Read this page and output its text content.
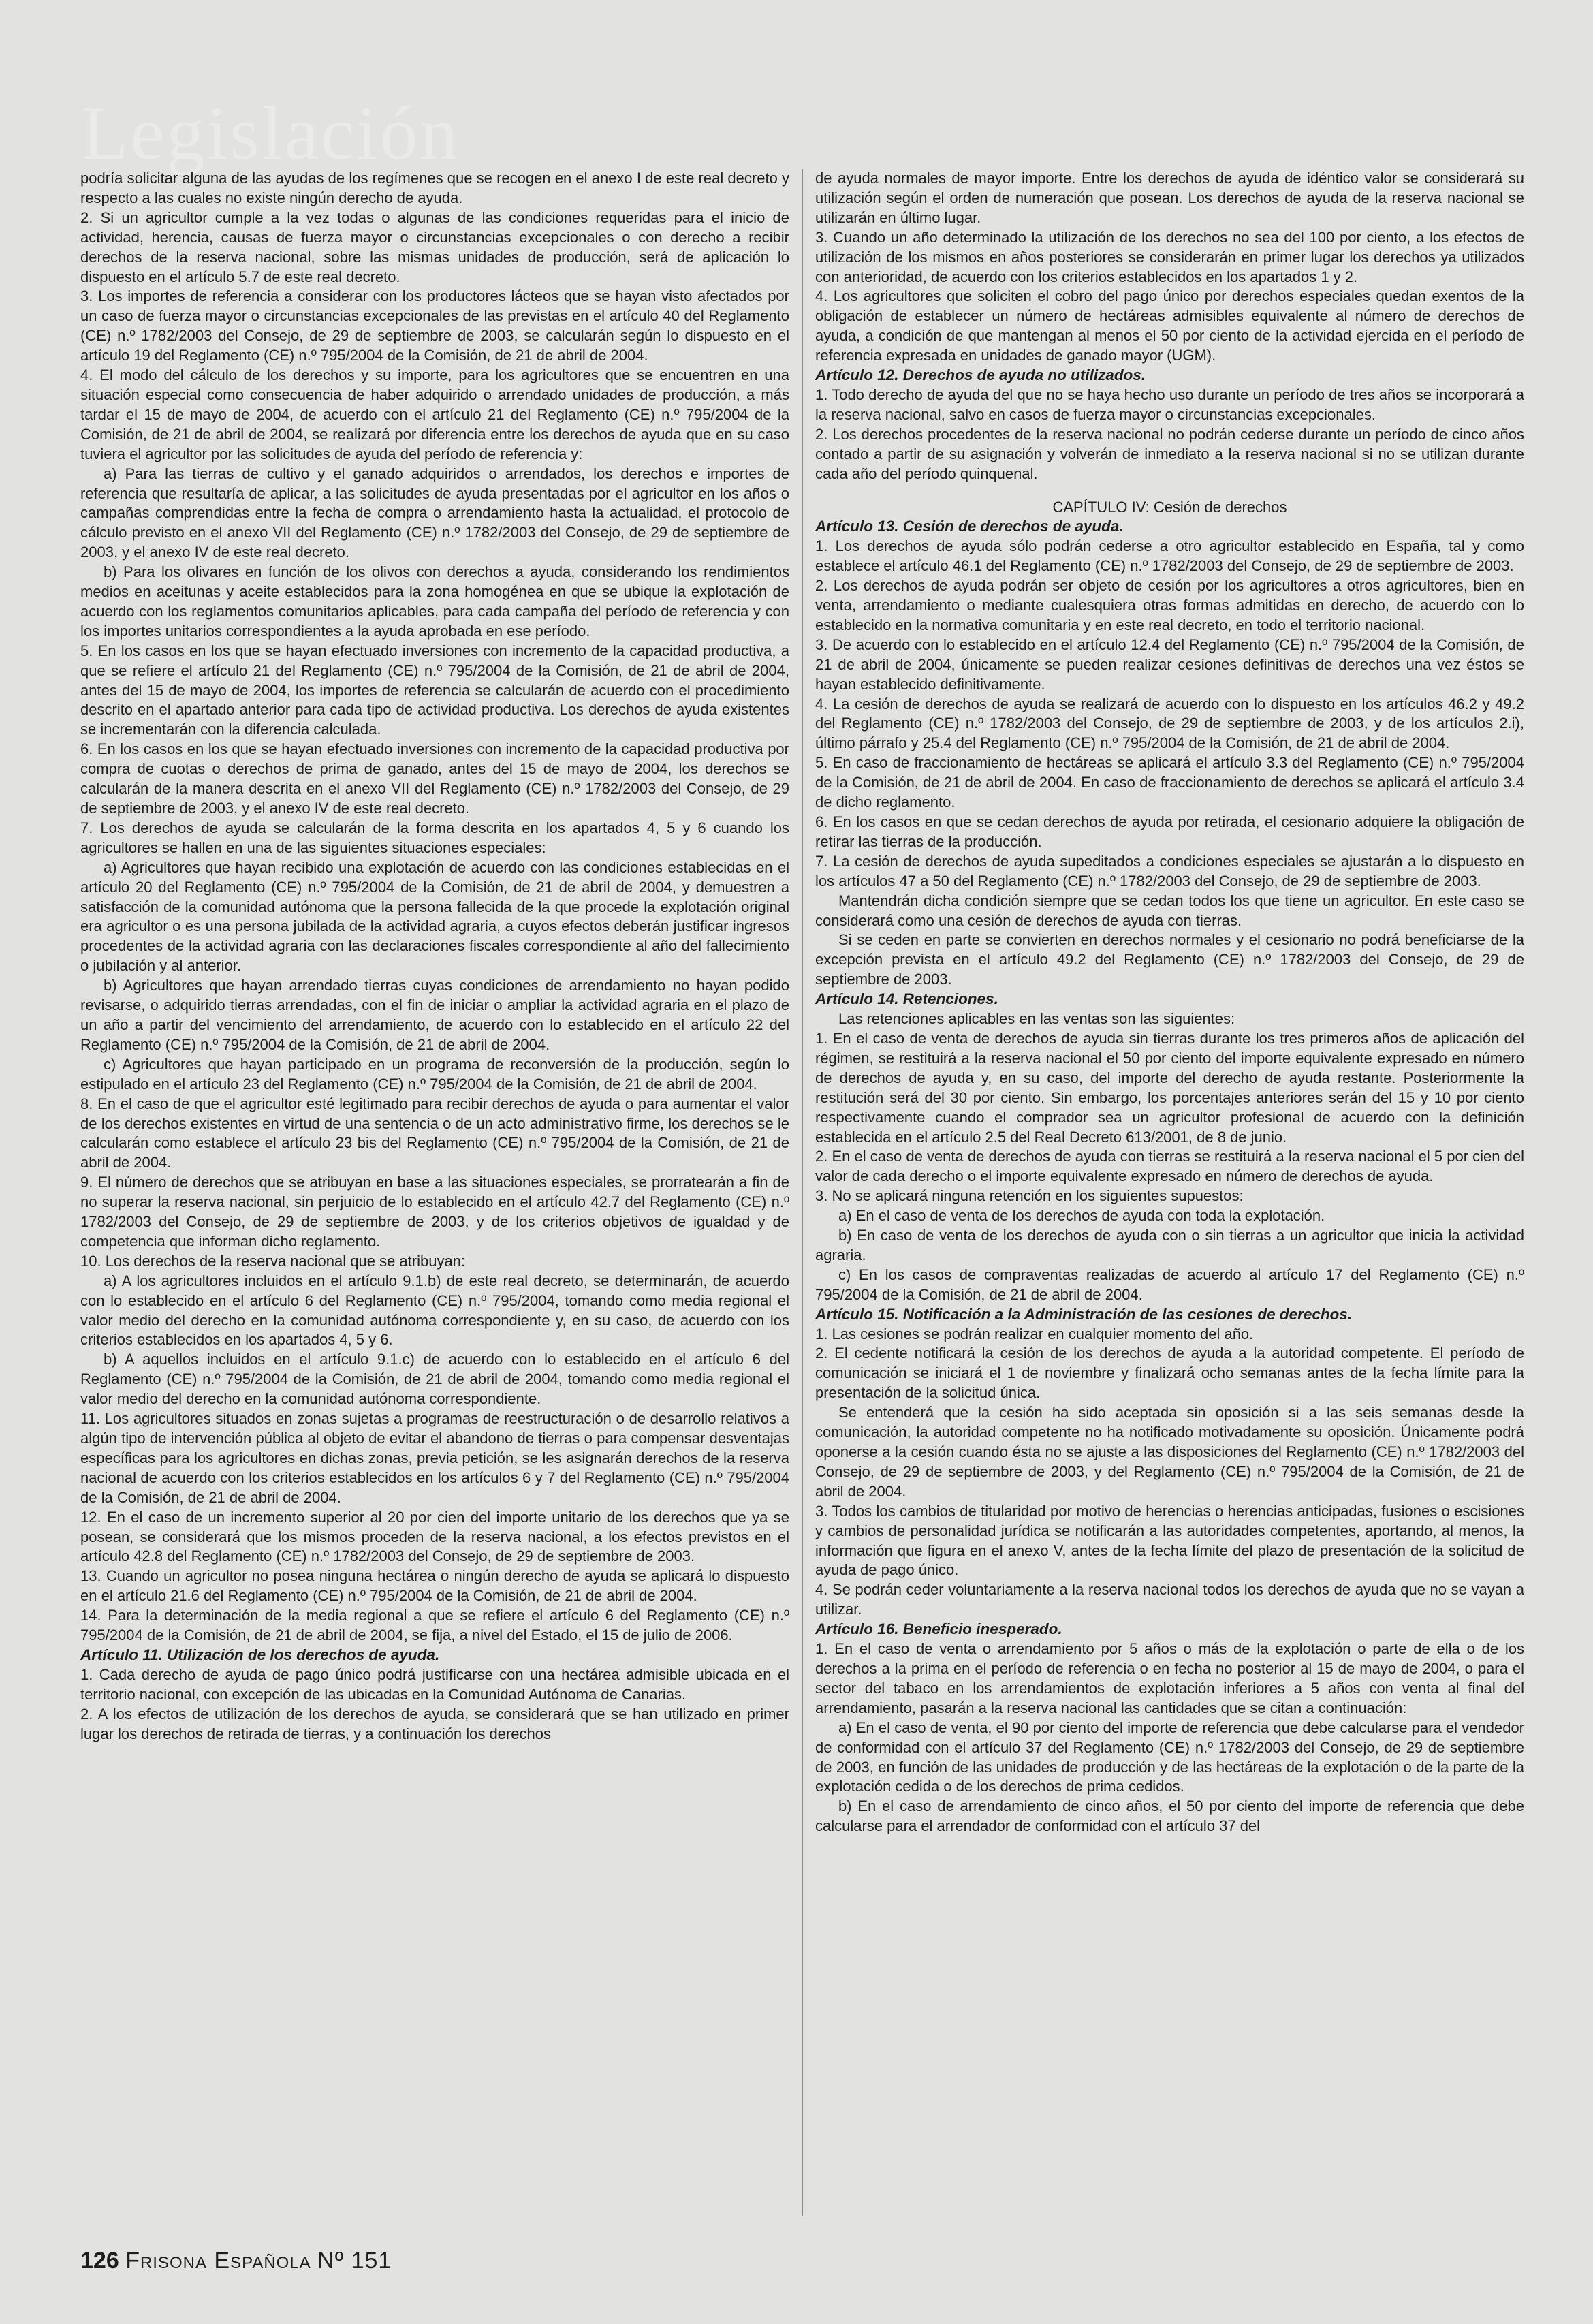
Legislación

podría solicitar alguna de las ayudas de los regímenes que se recogen en el anexo I de este real decreto y respecto a las cuales no existe ningún derecho de ayuda.

2. Si un agricultor cumple a la vez todas o algunas de las condiciones requeridas para el inicio de actividad, herencia, causas de fuerza mayor o circunstancias excepcionales o con derecho a recibir derechos de la reserva nacional, sobre las mismas unidades de producción, será de aplicación lo dispuesto en el artículo 5.7 de este real decreto.

3. Los importes de referencia a considerar con los productores lácteos que se hayan visto afectados por un caso de fuerza mayor o circunstancias excepcionales de las previstas en el artículo 40 del Reglamento (CE) n.º 1782/2003 del Consejo, de 29 de septiembre de 2003, se calcularán según lo dispuesto en el artículo 19 del Reglamento (CE) n.º 795/2004 de la Comisión, de 21 de abril de 2004.

4. El modo del cálculo de los derechos y su importe, para los agricultores que se encuentren en una situación especial como consecuencia de haber adquirido o arrendado unidades de producción, a más tardar el 15 de mayo de 2004, de acuerdo con el artículo 21 del Reglamento (CE) n.º 795/2004 de la Comisión, de 21 de abril de 2004, se realizará por diferencia entre los derechos de ayuda que en su caso tuviera el agricultor por las solicitudes de ayuda del período de referencia y:

a) Para las tierras de cultivo y el ganado adquiridos o arrendados, los derechos e importes de referencia que resultaría de aplicar, a las solicitudes de ayuda presentadas por el agricultor en los años o campañas comprendidas entre la fecha de compra o arrendamiento hasta la actualidad, el protocolo de cálculo previsto en el anexo VII del Reglamento (CE) n.º 1782/2003 del Consejo, de 29 de septiembre de 2003, y el anexo IV de este real decreto.

b) Para los olivares en función de los olivos con derechos a ayuda, considerando los rendimientos medios en aceitunas y aceite establecidos para la zona homogénea en que se ubique la explotación de acuerdo con los reglamentos comunitarios aplicables, para cada campaña del período de referencia y con los importes unitarios correspondientes a la ayuda aprobada en ese período.

5. En los casos en los que se hayan efectuado inversiones con incremento de la capacidad productiva, a que se refiere el artículo 21 del Reglamento (CE) n.º 795/2004 de la Comisión, de 21 de abril de 2004, antes del 15 de mayo de 2004, los importes de referencia se calcularán de acuerdo con el procedimiento descrito en el apartado anterior para cada tipo de actividad productiva. Los derechos de ayuda existentes se incrementarán con la diferencia calculada.

6. En los casos en los que se hayan efectuado inversiones con incremento de la capacidad productiva por compra de cuotas o derechos de prima de ganado, antes del 15 de mayo de 2004, los derechos se calcularán de la manera descrita en el anexo VII del Reglamento (CE) n.º 1782/2003 del Consejo, de 29 de septiembre de 2003, y el anexo IV de este real decreto.

7. Los derechos de ayuda se calcularán de la forma descrita en los apartados 4, 5 y 6 cuando los agricultores se hallen en una de las siguientes situaciones especiales:

a) Agricultores que hayan recibido una explotación de acuerdo con las condiciones establecidas en el artículo 20 del Reglamento (CE) n.º 795/2004 de la Comisión, de 21 de abril de 2004, y demuestren a satisfacción de la comunidad autónoma que la persona fallecida de la que procede la explotación original era agricultor o es una persona jubilada de la actividad agraria, a cuyos efectos deberán justificar ingresos procedentes de la actividad agraria con las declaraciones fiscales correspondiente al año del fallecimiento o jubilación y al anterior.

b) Agricultores que hayan arrendado tierras cuyas condiciones de arrendamiento no hayan podido revisarse, o adquirido tierras arrendadas, con el fin de iniciar o ampliar la actividad agraria en el plazo de un año a partir del vencimiento del arrendamiento, de acuerdo con lo establecido en el artículo 22 del Reglamento (CE) n.º 795/2004 de la Comisión, de 21 de abril de 2004.

c) Agricultores que hayan participado en un programa de reconversión de la producción, según lo estipulado en el artículo 23 del Reglamento (CE) n.º 795/2004 de la Comisión, de 21 de abril de 2004.

8. En el caso de que el agricultor esté legitimado para recibir derechos de ayuda o para aumentar el valor de los derechos existentes en virtud de una sentencia o de un acto administrativo firme, los derechos se le calcularán como establece el artículo 23 bis del Reglamento (CE) n.º 795/2004 de la Comisión, de 21 de abril de 2004.

9. El número de derechos que se atribuyan en base a las situaciones especiales, se prorratearán a fin de no superar la reserva nacional, sin perjuicio de lo establecido en el artículo 42.7 del Reglamento (CE) n.º 1782/2003 del Consejo, de 29 de septiembre de 2003, y de los criterios objetivos de igualdad y de competencia que informan dicho reglamento.

10. Los derechos de la reserva nacional que se atribuyan:

a) A los agricultores incluidos en el artículo 9.1.b) de este real decreto, se determinarán, de acuerdo con lo establecido en el artículo 6 del Reglamento (CE) n.º 795/2004, tomando como media regional el valor medio del derecho en la comunidad autónoma correspondiente y, en su caso, de acuerdo con los criterios establecidos en los apartados 4, 5 y 6.

b) A aquellos incluidos en el artículo 9.1.c) de acuerdo con lo establecido en el artículo 6 del Reglamento (CE) n.º 795/2004 de la Comisión, de 21 de abril de 2004, tomando como media regional el valor medio del derecho en la comunidad autónoma correspondiente.

11. Los agricultores situados en zonas sujetas a programas de reestructuración o de desarrollo relativos a algún tipo de intervención pública al objeto de evitar el abandono de tierras o para compensar desventajas específicas para los agricultores en dichas zonas, previa petición, se les asignarán derechos de la reserva nacional de acuerdo con los criterios establecidos en los artículos 6 y 7 del Reglamento (CE) n.º 795/2004 de la Comisión, de 21 de abril de 2004.

12. En el caso de un incremento superior al 20 por cien del importe unitario de los derechos que ya se posean, se considerará que los mismos proceden de la reserva nacional, a los efectos previstos en el artículo 42.8 del Reglamento (CE) n.º 1782/2003 del Consejo, de 29 de septiembre de 2003.

13. Cuando un agricultor no posea ninguna hectárea o ningún derecho de ayuda se aplicará lo dispuesto en el artículo 21.6 del Reglamento (CE) n.º 795/2004 de la Comisión, de 21 de abril de 2004.

14. Para la determinación de la media regional a que se refiere el artículo 6 del Reglamento (CE) n.º 795/2004 de la Comisión, de 21 de abril de 2004, se fija, a nivel del Estado, el 15 de julio de 2006.

Artículo 11. Utilización de los derechos de ayuda.

1. Cada derecho de ayuda de pago único podrá justificarse con una hectárea admisible ubicada en el territorio nacional, con excepción de las ubicadas en la Comunidad Autónoma de Canarias.

2. A los efectos de utilización de los derechos de ayuda, se considerará que se han utilizado en primer lugar los derechos de retirada de tierras, y a continuación los derechos

de ayuda normales de mayor importe. Entre los derechos de ayuda de idéntico valor se considerará su utilización según el orden de numeración que posean. Los derechos de ayuda de la reserva nacional se utilizarán en último lugar.

3. Cuando un año determinado la utilización de los derechos no sea del 100 por ciento, a los efectos de utilización de los mismos en años posteriores se considerarán en primer lugar los derechos ya utilizados con anterioridad, de acuerdo con los criterios establecidos en los apartados 1 y 2.

4. Los agricultores que soliciten el cobro del pago único por derechos especiales quedan exentos de la obligación de establecer un número de hectáreas admisibles equivalente al número de derechos de ayuda, a condición de que mantengan al menos el 50 por ciento de la actividad ejercida en el período de referencia expresada en unidades de ganado mayor (UGM).

Artículo 12. Derechos de ayuda no utilizados.

1. Todo derecho de ayuda del que no se haya hecho uso durante un período de tres años se incorporará a la reserva nacional, salvo en casos de fuerza mayor o circunstancias excepcionales.

2. Los derechos procedentes de la reserva nacional no podrán cederse durante un período de cinco años contado a partir de su asignación y volverán de inmediato a la reserva nacional si no se utilizan durante cada año del período quinquenal.

CAPÍTULO IV: Cesión de derechos

Artículo 13. Cesión de derechos de ayuda.

1. Los derechos de ayuda sólo podrán cederse a otro agricultor establecido en España, tal y como establece el artículo 46.1 del Reglamento (CE) n.º 1782/2003 del Consejo, de 29 de septiembre de 2003.

2. Los derechos de ayuda podrán ser objeto de cesión por los agricultores a otros agricultores, bien en venta, arrendamiento o mediante cualesquiera otras formas admitidas en derecho, de acuerdo con lo establecido en la normativa comunitaria y en este real decreto, en todo el territorio nacional.

3. De acuerdo con lo establecido en el artículo 12.4 del Reglamento (CE) n.º 795/2004 de la Comisión, de 21 de abril de 2004, únicamente se pueden realizar cesiones definitivas de derechos una vez éstos se hayan establecido definitivamente.

4. La cesión de derechos de ayuda se realizará de acuerdo con lo dispuesto en los artículos 46.2 y 49.2 del Reglamento (CE) n.º 1782/2003 del Consejo, de 29 de septiembre de 2003, y de los artículos 2.i), último párrafo y 25.4 del Reglamento (CE) n.º 795/2004 de la Comisión, de 21 de abril de 2004.

5. En caso de fraccionamiento de hectáreas se aplicará el artículo 3.3 del Reglamento (CE) n.º 795/2004 de la Comisión, de 21 de abril de 2004. En caso de fraccionamiento de derechos se aplicará el artículo 3.4 de dicho reglamento.

6. En los casos en que se cedan derechos de ayuda por retirada, el cesionario adquiere la obligación de retirar las tierras de la producción.

7. La cesión de derechos de ayuda supeditados a condiciones especiales se ajustarán a lo dispuesto en los artículos 47 a 50 del Reglamento (CE) n.º 1782/2003 del Consejo, de 29 de septiembre de 2003.

Mantendrán dicha condición siempre que se cedan todos los que tiene un agricultor. En este caso se considerará como una cesión de derechos de ayuda con tierras.

Si se ceden en parte se convierten en derechos normales y el cesionario no podrá beneficiarse de la excepción prevista en el artículo 49.2 del Reglamento (CE) n.º 1782/2003 del Consejo, de 29 de septiembre de 2003.

Artículo 14. Retenciones.

Las retenciones aplicables en las ventas son las siguientes:

1. En el caso de venta de derechos de ayuda sin tierras durante los tres primeros años de aplicación del régimen, se restituirá a la reserva nacional el 50 por ciento del importe equivalente expresado en número de derechos de ayuda y, en su caso, del importe del derecho de ayuda restante. Posteriormente la restitución será del 30 por ciento. Sin embargo, los porcentajes anteriores serán del 15 y 10 por ciento respectivamente cuando el comprador sea un agricultor profesional de acuerdo con la definición establecida en el artículo 2.5 del Real Decreto 613/2001, de 8 de junio.

2. En el caso de venta de derechos de ayuda con tierras se restituirá a la reserva nacional el 5 por cien del valor de cada derecho o el importe equivalente expresado en número de derechos de ayuda.

3. No se aplicará ninguna retención en los siguientes supuestos:

a) En el caso de venta de los derechos de ayuda con toda la explotación.

b) En caso de venta de los derechos de ayuda con o sin tierras a un agricultor que inicia la actividad agraria.

c) En los casos de compraventas realizadas de acuerdo al artículo 17 del Reglamento (CE) n.º 795/2004 de la Comisión, de 21 de abril de 2004.

Artículo 15. Notificación a la Administración de las cesiones de derechos.

1. Las cesiones se podrán realizar en cualquier momento del año.

2. El cedente notificará la cesión de los derechos de ayuda a la autoridad competente. El período de comunicación se iniciará el 1 de noviembre y finalizará ocho semanas antes de la fecha límite para la presentación de la solicitud única.

Se entenderá que la cesión ha sido aceptada sin oposición si a las seis semanas desde la comunicación, la autoridad competente no ha notificado motivadamente su oposición. Únicamente podrá oponerse a la cesión cuando ésta no se ajuste a las disposiciones del Reglamento (CE) n.º 1782/2003 del Consejo, de 29 de septiembre de 2003, y del Reglamento (CE) n.º 795/2004 de la Comisión, de 21 de abril de 2004.

3. Todos los cambios de titularidad por motivo de herencias o herencias anticipadas, fusiones o escisiones y cambios de personalidad jurídica se notificarán a las autoridades competentes, aportando, al menos, la información que figura en el anexo V, antes de la fecha límite del plazo de presentación de la solicitud de ayuda de pago único.

4. Se podrán ceder voluntariamente a la reserva nacional todos los derechos de ayuda que no se vayan a utilizar.

Artículo 16. Beneficio inesperado.

1. En el caso de venta o arrendamiento por 5 años o más de la explotación o parte de ella o de los derechos a la prima en el período de referencia o en fecha no posterior al 15 de mayo de 2004, o para el sector del tabaco en los arrendamientos de explotación inferiores a 5 años con venta al final del arrendamiento, pasarán a la reserva nacional las cantidades que se citan a continuación:

a) En el caso de venta, el 90 por ciento del importe de referencia que debe calcularse para el vendedor de conformidad con el artículo 37 del Reglamento (CE) n.º 1782/2003 del Consejo, de 29 de septiembre de 2003, en función de las unidades de producción y de las hectáreas de la explotación o de la parte de la explotación cedida o de los derechos de prima cedidos.

b) En el caso de arrendamiento de cinco años, el 50 por ciento del importe de referencia que debe calcularse para el arrendador de conformidad con el artículo 37 del

126 Frisona Española Nº 151
